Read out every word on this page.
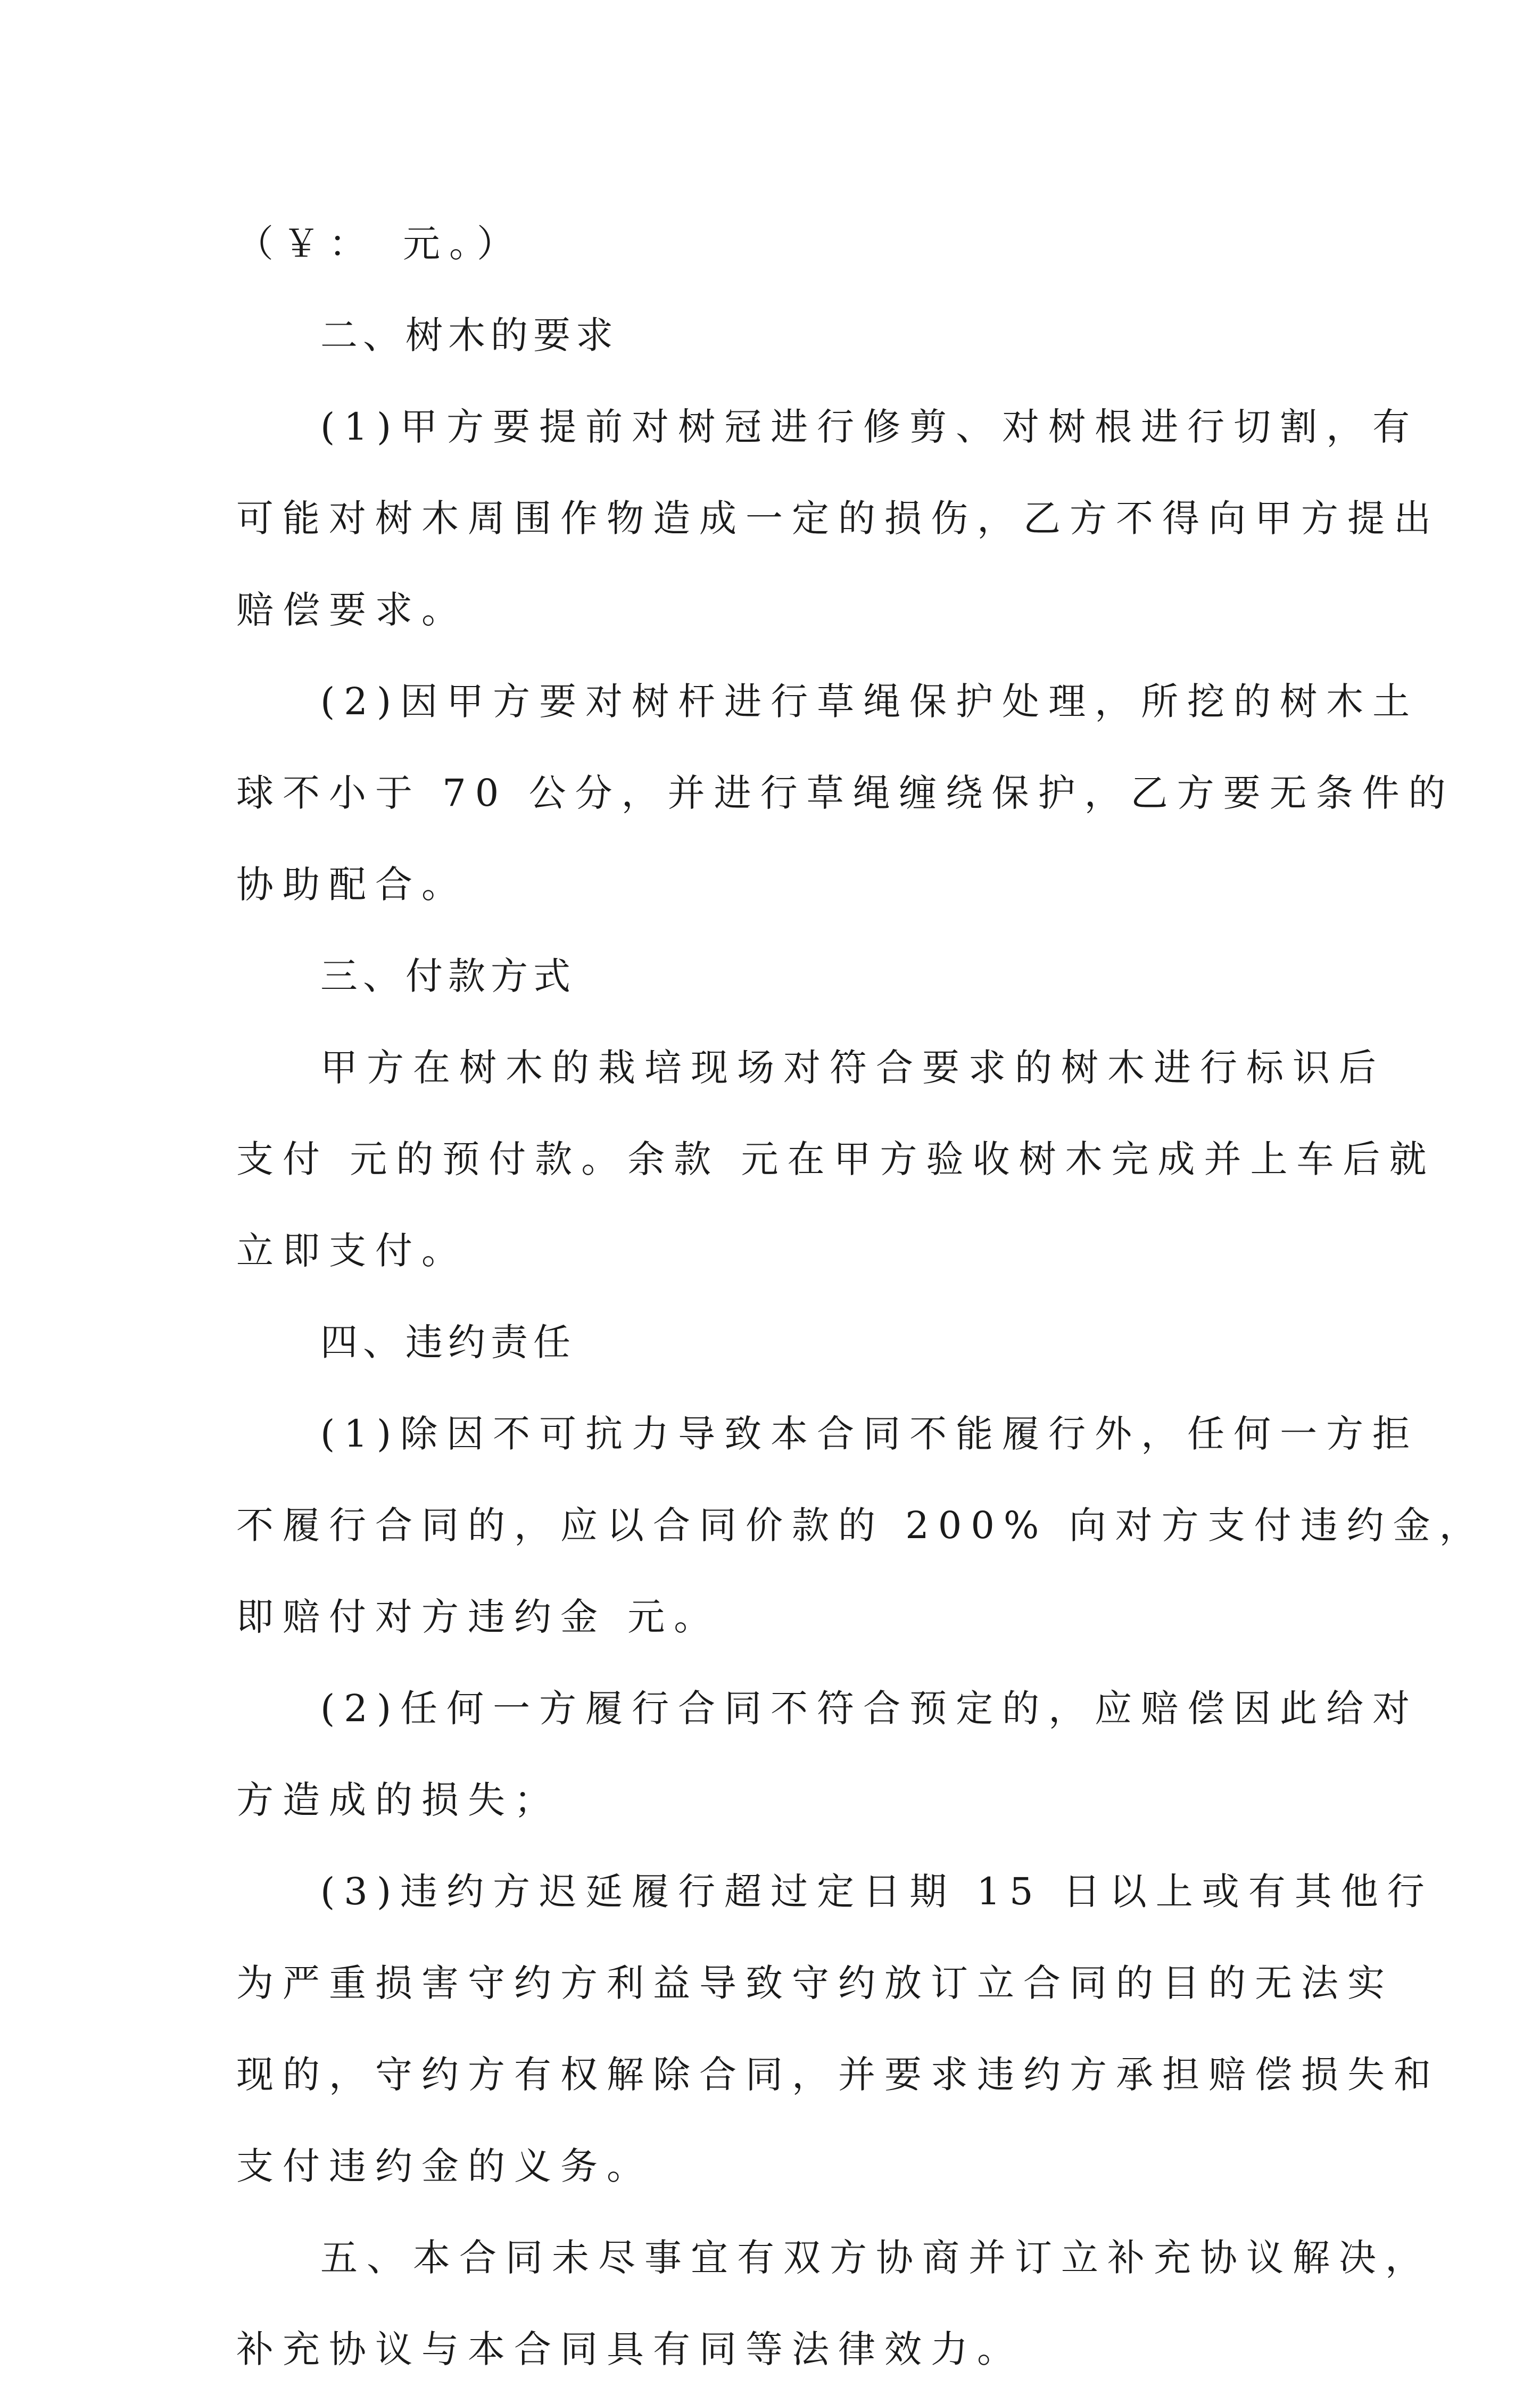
（￥：　元。）
二、树木的要求
(1)甲方要提前对树冠进行修剪、对树根进行切割，有
可能对树木周围作物造成一定的损伤，乙方不得向甲方提出
赔偿要求。
(2)因甲方要对树杆进行草绳保护处理，所挖的树木土
球不小于 70 公分，并进行草绳缠绕保护，乙方要无条件的
协助配合。
三、付款方式
甲方在树木的栽培现场对符合要求的树木进行标识后
支付 元的预付款。余款 元在甲方验收树木完成并上车后就
立即支付。
四、违约责任
(1)除因不可抗力导致本合同不能履行外，任何一方拒
不履行合同的，应以合同价款的 200% 向对方支付违约金，
即赔付对方违约金 元。
(2)任何一方履行合同不符合预定的，应赔偿因此给对
方造成的损失；
(3)违约方迟延履行超过定日期 15 日以上或有其他行
为严重损害守约方利益导致守约放订立合同的目的无法实
现的，守约方有权解除合同，并要求违约方承担赔偿损失和
支付违约金的义务。
五、本合同未尽事宜有双方协商并订立补充协议解决，
补充协议与本合同具有同等法律效力。
